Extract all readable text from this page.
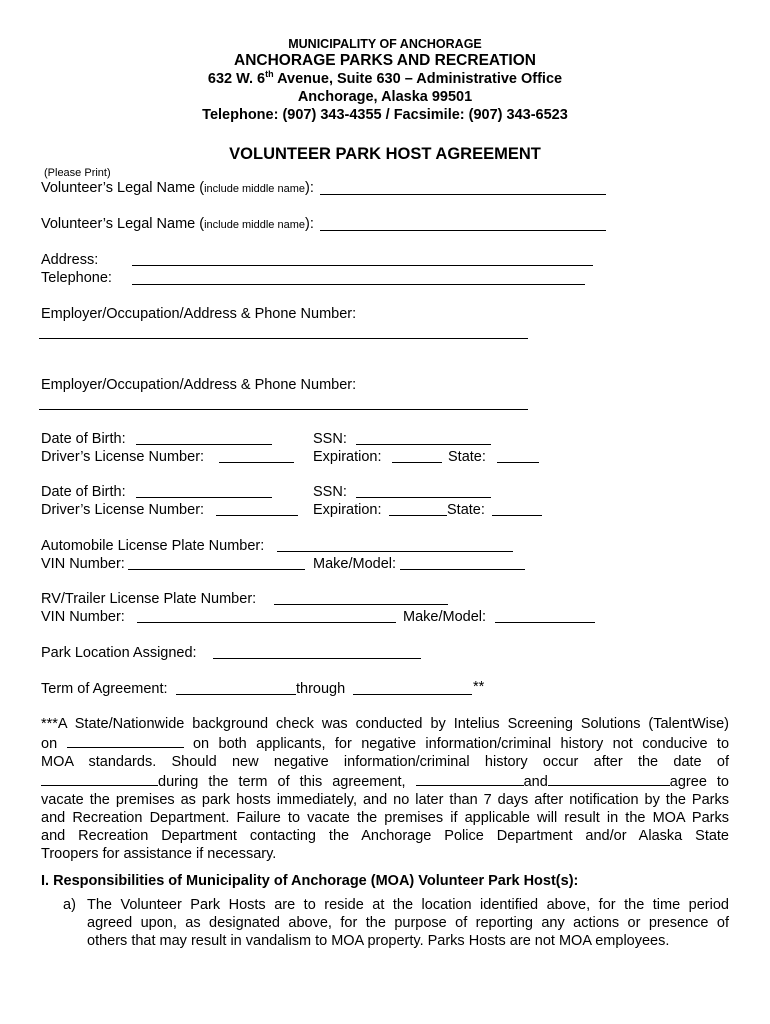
MUNICIPALITY OF ANCHORAGE
ANCHORAGE PARKS AND RECREATION
632 W. 6th Avenue, Suite 630 – Administrative Office
Anchorage, Alaska 99501
Telephone: (907) 343-4355 / Facsimile: (907) 343-6523
VOLUNTEER PARK HOST AGREEMENT
(Please Print)
Volunteer’s Legal Name (include middle name):
Volunteer’s Legal Name (include middle name):
Address:
Telephone:
Employer/Occupation/Address & Phone Number:
Employer/Occupation/Address & Phone Number:
Date of Birth:	SSN:
Driver’s License Number:	Expiration:	State:
Date of Birth:	SSN:
Driver’s License Number:	Expiration:	State:
Automobile License Plate Number:
VIN Number:	Make/Model:
RV/Trailer License Plate Number:
VIN Number:	Make/Model:
Park Location Assigned:
Term of Agreement:	through	**
***A State/Nationwide background check was conducted by Intelius Screening Solutions (TalentWise)
on	on both applicants, for negative information/criminal history not conducive to
MOA standards. Should new negative information/criminal history occur after the date of
during the term of this agreement,	and	agree to
vacate the premises as park hosts immediately, and no later than 7 days after notification by the Parks
and Recreation Department. Failure to vacate the premises if applicable will result in the MOA Parks
and Recreation Department contacting the Anchorage Police Department and/or Alaska State
Troopers for assistance if necessary.
I. Responsibilities of Municipality of Anchorage (MOA) Volunteer Park Host(s):
a) The Volunteer Park Hosts are to reside at the location identified above, for the time period
agreed upon, as designated above, for the purpose of reporting any actions or presence of
others that may result in vandalism to MOA property. Parks Hosts are not MOA employees.
